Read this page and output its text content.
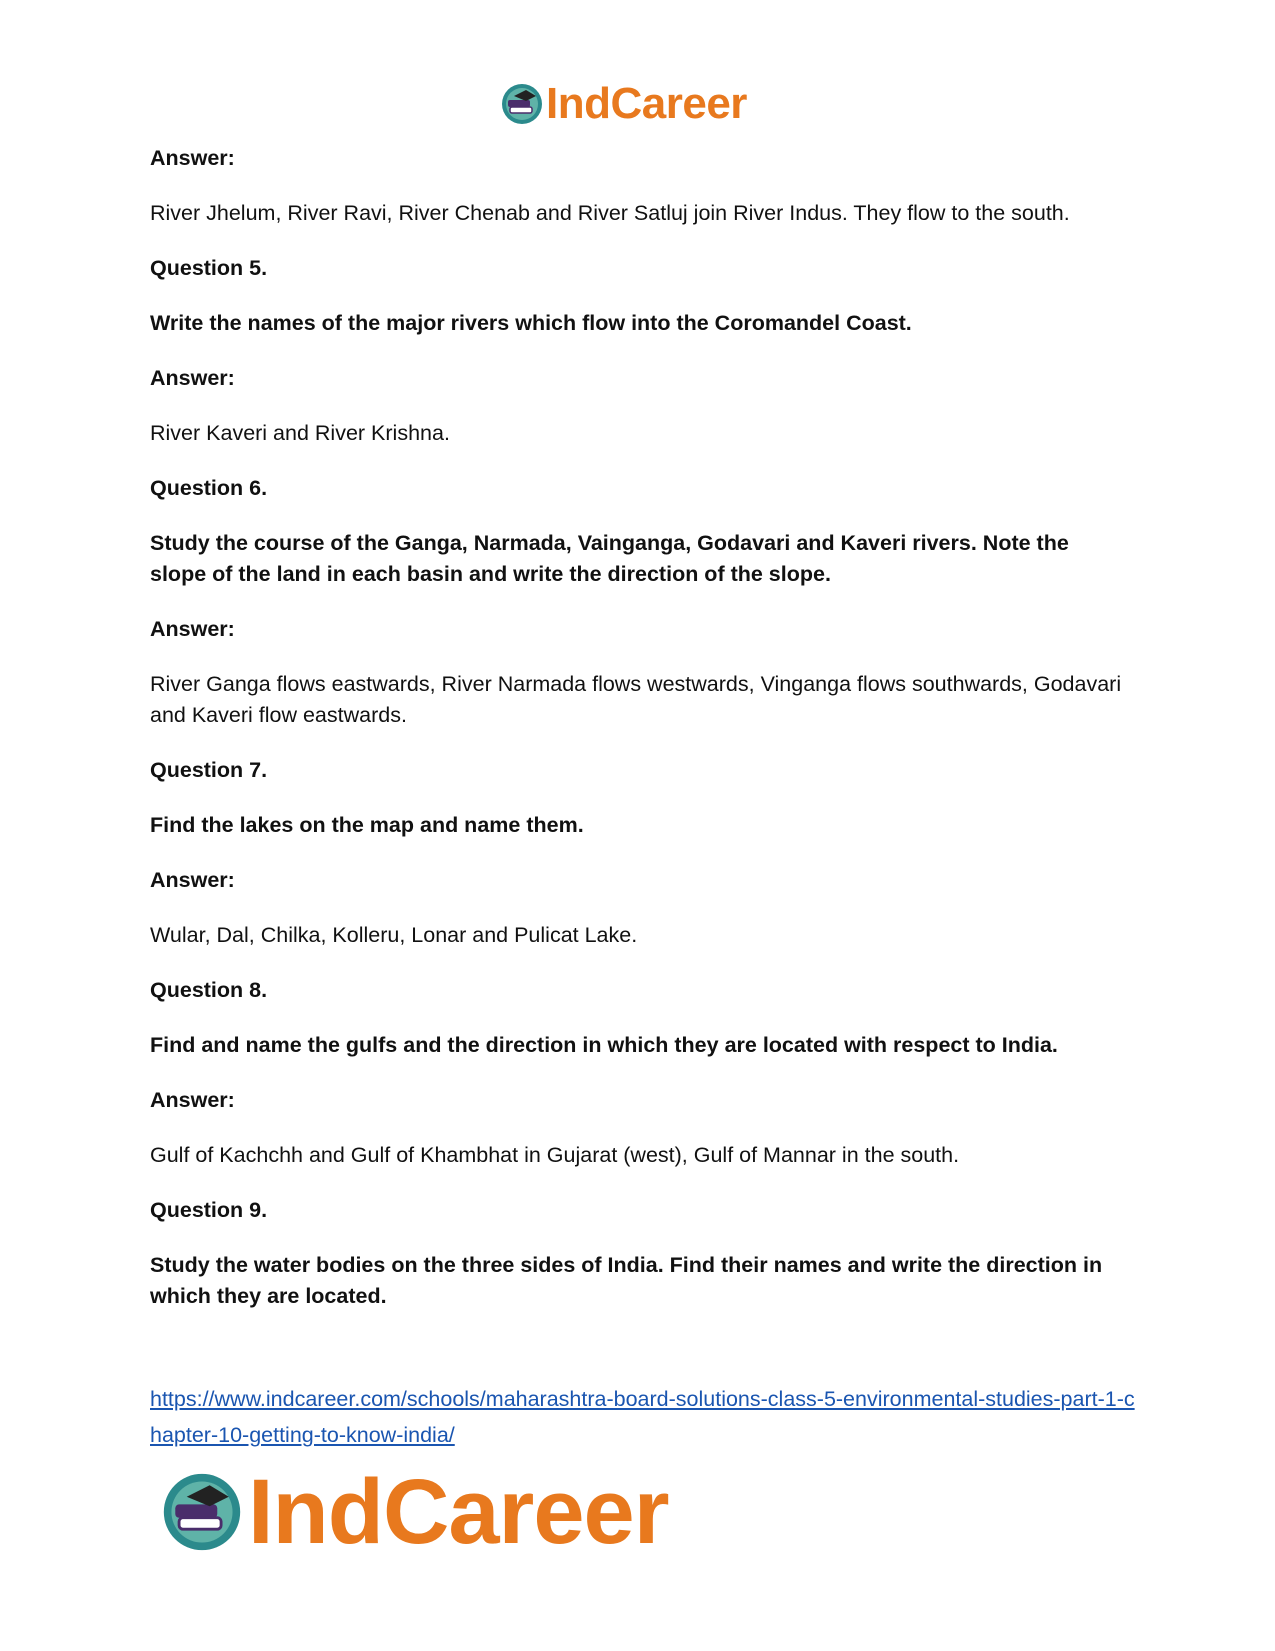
IndCareer

Answer:

River Jhelum, River Ravi, River Chenab and River Satluj join River Indus. They flow to the south.

Question 5.

Write the names of the major rivers which flow into the Coromandel Coast.

Answer:

River Kaveri and River Krishna.

Question 6.

Study the course of the Ganga, Narmada, Vainganga, Godavari and Kaveri rivers. Note the slope of the land in each basin and write the direction of the slope.

Answer:

River Ganga flows eastwards, River Narmada flows westwards, Vinganga flows southwards, Godavari and Kaveri flow eastwards.

Question 7.

Find the lakes on the map and name them.

Answer:

Wular, Dal, Chilka, Kolleru, Lonar and Pulicat Lake.

Question 8.

Find and name the gulfs and the direction in which they are located with respect to India.

Answer:

Gulf of Kachchh and Gulf of Khambhat in Gujarat (west), Gulf of Mannar in the south.

Question 9.

Study the water bodies on the three sides of India. Find their names and write the direction in which they are located.

https://www.indcareer.com/schools/maharashtra-board-solutions-class-5-environmental-studies-part-1-chapter-10-getting-to-know-india/
IndCareer
